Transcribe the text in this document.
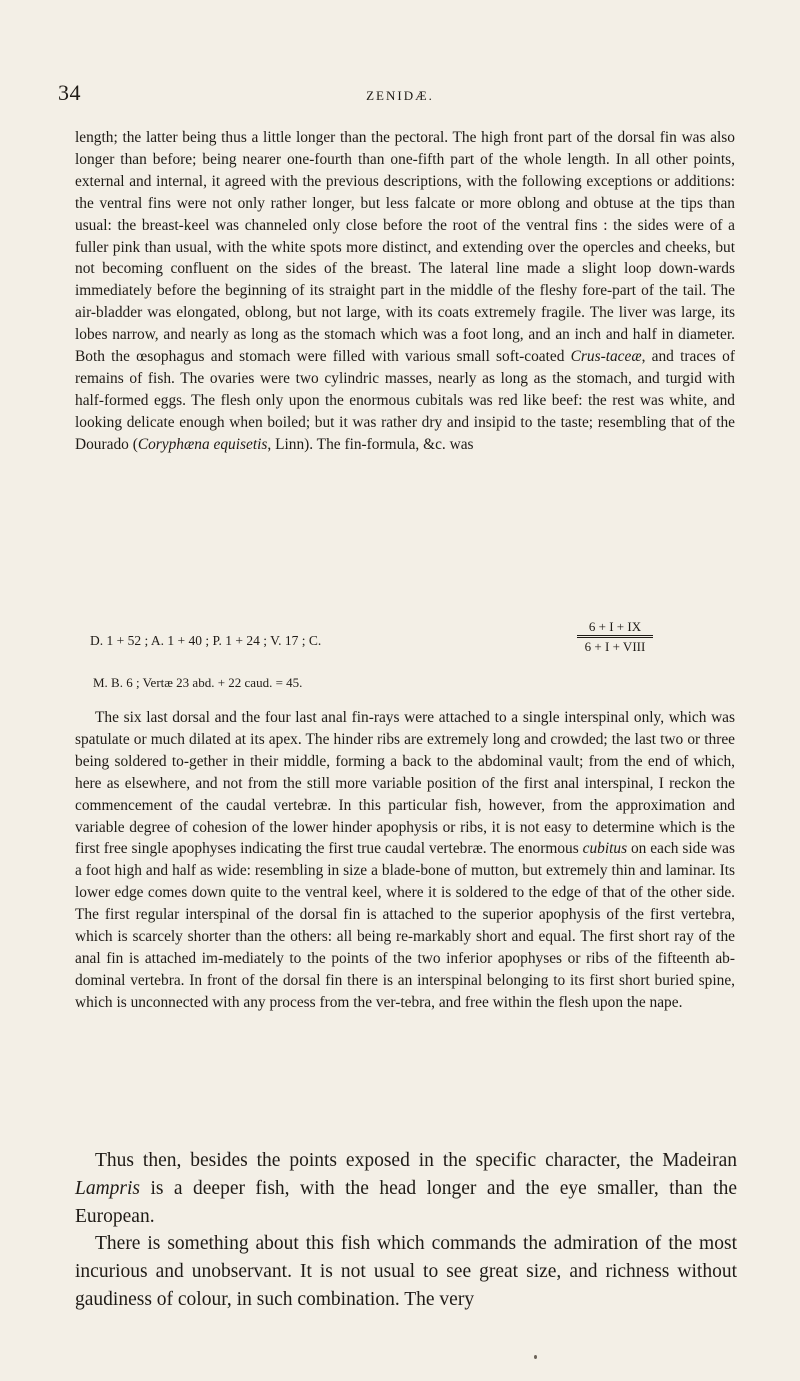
34	ZENIDÆ.

length; the latter being thus a little longer than the pectoral. The high front part of the dorsal fin was also longer than before; being nearer one-fourth than one-fifth part of the whole length. In all other points, external and internal, it agreed with the previous descriptions, with the following exceptions or additions: the ventral fins were not only rather longer, but less falcate or more oblong and obtuse at the tips than usual: the breast-keel was channeled only close before the root of the ventral fins : the sides were of a fuller pink than usual, with the white spots more distinct, and extending over the opercles and cheeks, but not becoming confluent on the sides of the breast. The lateral line made a slight loop down-wards immediately before the beginning of its straight part in the middle of the fleshy fore-part of the tail. The air-bladder was elongated, oblong, but not large, with its coats extremely fragile. The liver was large, its lobes narrow, and nearly as long as the stomach which was a foot long, and an inch and half in diameter. Both the œsophagus and stomach were filled with various small soft-coated Crus-taceæ, and traces of remains of fish. The ovaries were two cylindric masses, nearly as long as the stomach, and turgid with half-formed eggs. The flesh only upon the enormous cubitals was red like beef: the rest was white, and looking delicate enough when boiled; but it was rather dry and insipid to the taste; resembling that of the Dourado (Coryphæna equisetis, Linn). The fin-formula, &c. was

D. 1 + 52 ; A. 1 + 40 ; P. 1 + 24 ; V. 17 ; C.
6 + I + IX
6 + I + VIII
M. B. 6 ; Vertæ 23 abd. + 22 caud. = 45.

The six last dorsal and the four last anal fin-rays were attached to a single interspinal only, which was spatulate or much dilated at its apex. The hinder ribs are extremely long and crowded; the last two or three being soldered to-gether in their middle, forming a back to the abdominal vault; from the end of which, here as elsewhere, and not from the still more variable position of the first anal interspinal, I reckon the commencement of the caudal vertebræ. In this particular fish, however, from the approximation and variable degree of cohesion of the lower hinder apophysis or ribs, it is not easy to determine which is the first free single apophyses indicating the first true caudal vertebræ. The enormous cubitus on each side was a foot high and half as wide: resembling in size a blade-bone of mutton, but extremely thin and laminar. Its lower edge comes down quite to the ventral keel, where it is soldered to the edge of that of the other side. The first regular interspinal of the dorsal fin is attached to the superior apophysis of the first vertebra, which is scarcely shorter than the others: all being re-markably short and equal. The first short ray of the anal fin is attached im-mediately to the points of the two inferior apophyses or ribs of the fifteenth ab-dominal vertebra. In front of the dorsal fin there is an interspinal belonging to its first short buried spine, which is unconnected with any process from the ver-tebra, and free within the flesh upon the nape.

Thus then, besides the points exposed in the specific character, the Madeiran Lampris is a deeper fish, with the head longer and the eye smaller, than the European.

There is something about this fish which commands the admiration of the most incurious and unobservant. It is not usual to see great size, and richness without gaudiness of colour, in such combination. The very
